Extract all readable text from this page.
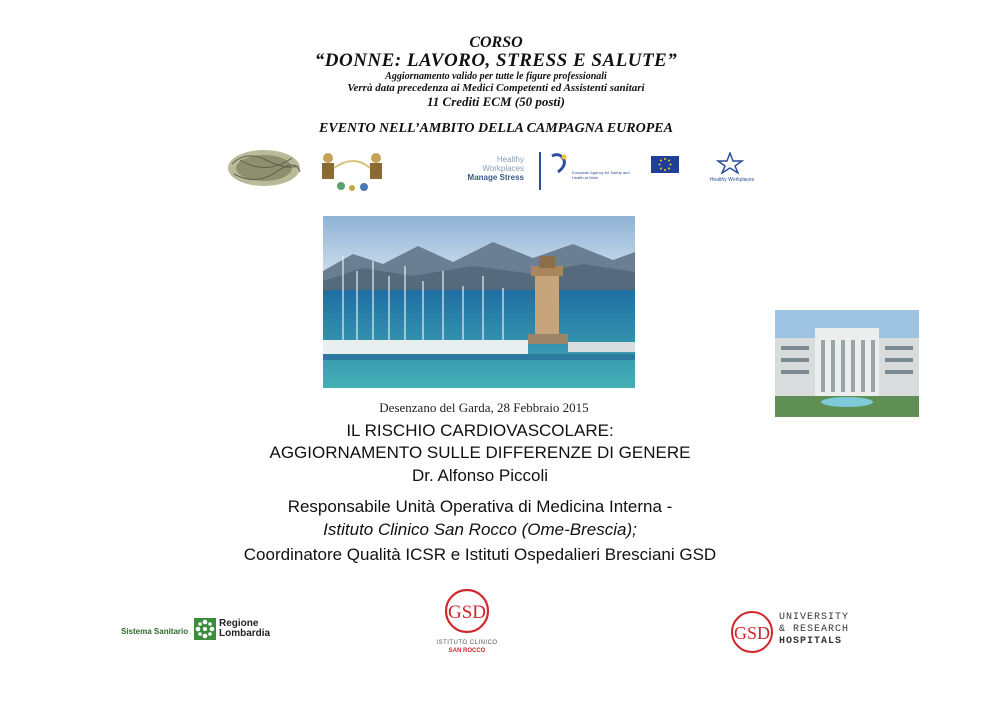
CORSO
“DONNE: LAVORO, STRESS E SALUTE”
Aggiornamento valido per tutte le figure professionali
Verrà data precedenza ai Medici Competenti ed Assistenti sanitari
11 Crediti ECM (50 posti)
EVENTO NELL’AMBITO DELLA CAMPAGNA EUROPEA
Healthy
Workplaces
Manage Stress
European Agency for Safety and Health at Work	Healthy Workplaces
Desenzano del Garda, 28 Febbraio 2015
IL RISCHIO CARDIOVASCOLARE:
AGGIORNAMENTO SULLE DIFFERENZE DI GENERE
Dr. Alfonso Piccoli
Responsabile Unità Operativa di Medicina Interna -
Istituto Clinico San Rocco (Ome-Brescia);
Coordinatore Qualità ICSR e Istituti Ospedalieri Bresciani GSD
Sistema Sanitario
Regione
Lombardia
GSD
ISTITUTO CLINICO
SAN ROCCO
GSD
UNIVERSITY
& RESEARCH
HOSPITALS
